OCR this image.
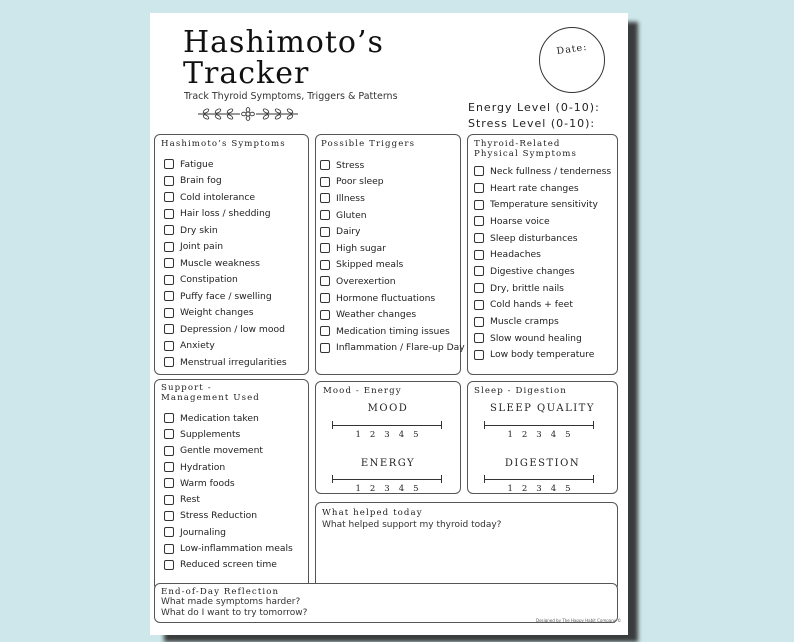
Hashimoto’s
Tracker
Track Thyroid Symptoms, Triggers & Patterns
Date:
Energy Level (0-10):
Stress Level (0-10):
Hashimoto’s Symptoms
Fatigue
Brain fog
Cold intolerance
Hair loss / shedding
Dry skin
Joint pain
Muscle weakness
Constipation
Puffy face / swelling
Weight changes
Depression / low mood
Anxiety
Menstrual irregularities
Possible Triggers
Stress
Poor sleep
Illness
Gluten
Dairy
High sugar
Skipped meals
Overexertion
Hormone fluctuations
Weather changes
Medication timing issues
Inflammation / Flare-up Day
Thyroid-Related
Physical Symptoms
Neck fullness / tenderness
Heart rate changes
Temperature sensitivity
Hoarse voice
Sleep disturbances
Headaches
Digestive changes
Dry, brittle nails
Cold hands + feet
Muscle cramps
Slow wound healing
Low body temperature
Support -
Management Used
Medication taken
Supplements
Gentle movement
Hydration
Warm foods
Rest
Stress Reduction
Journaling
Low-inflammation meals
Reduced screen time
Mood - Energy
MOOD
1 2 3 4 5
ENERGY
1 2 3 4 5
Sleep - Digestion
SLEEP QUALITY
1 2 3 4 5
DIGESTION
1 2 3 4 5
What helped today
What helped support my thyroid today?
End-of-Day Reflection
What made symptoms harder?
What do I want to try tomorrow?
Designed by The Happy Habit Company ©
